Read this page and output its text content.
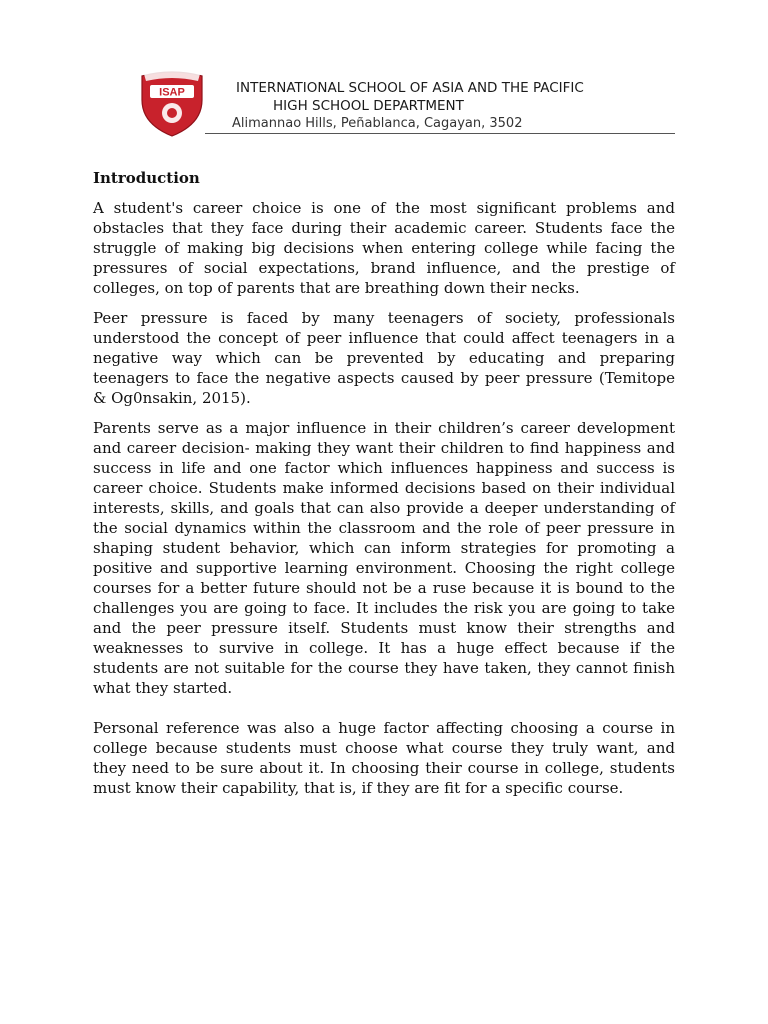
ISAP	INTERNATIONAL SCHOOL OF ASIA AND THE PACIFIC
HIGH SCHOOL DEPARTMENT
Alimannao Hills, Peñablanca, Cagayan, 3502
Introduction

A student's career choice is one of the most significant problems and obstacles that they face during their academic career. Students face the struggle of making big decisions when entering college while facing the pressures of social expectations, brand influence, and the prestige of colleges, on top of parents that are breathing down their necks.

Peer pressure is faced by many teenagers of society, professionals understood the concept of peer influence that could affect teenagers in a negative way which can be prevented by educating and preparing teenagers to face the negative aspects caused by peer pressure (Temitope & Og0nsakin, 2015).

Parents serve as a major influence in their children’s career development and career decision- making they want their children to find happiness and success in life and one factor which influences happiness and success is career choice. Students make informed decisions based on their individual interests, skills, and goals that can also provide a deeper understanding of the social dynamics within the classroom and the role of peer pressure in shaping student behavior, which can inform strategies for promoting a positive and supportive learning environment. Choosing the right college courses for a better future should not be a ruse because it is bound to the challenges you are going to face. It includes the risk you are going to take and the peer pressure itself. Students must know their strengths and weaknesses to survive in college. It has a huge effect because if the students are not suitable for the course they have taken, they cannot finish what they started.

Personal reference was also a huge factor affecting choosing a course in college because students must choose what course they truly want, and they need to be sure about it. In choosing their course in college, students must know their capability, that is, if they are fit for a specific course.
